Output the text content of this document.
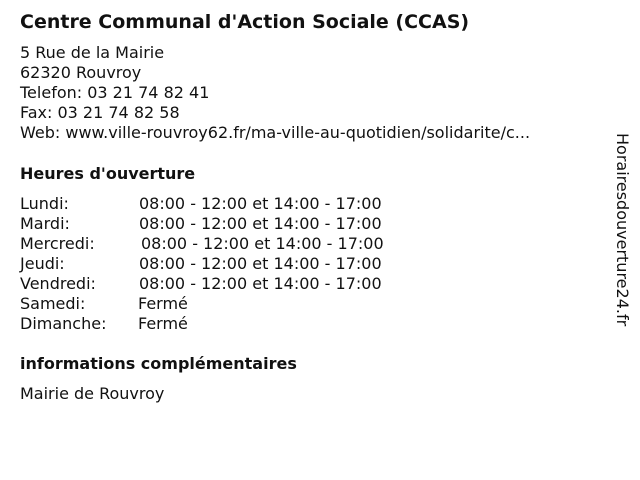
Centre Communal d'Action Sociale (CCAS)
5 Rue de la Mairie
62320 Rouvroy
Telefon: 03 21 74 82 41
Fax: 03 21 74 82 58
Web: www.ville-rouvroy62.fr/ma-ville-au-quotidien/solidarite/c...
Heures d'ouverture
Lundi:	08:00 - 12:00 et 14:00 - 17:00
Mardi:	08:00 - 12:00 et 14:00 - 17:00
Mercredi:	08:00 - 12:00 et 14:00 - 17:00
Jeudi:	08:00 - 12:00 et 14:00 - 17:00
Vendredi:	08:00 - 12:00 et 14:00 - 17:00
Samedi:	Fermé
Dimanche: Fermé
informations complémentaires
Mairie de Rouvroy
Horairesdouverture24.fr
